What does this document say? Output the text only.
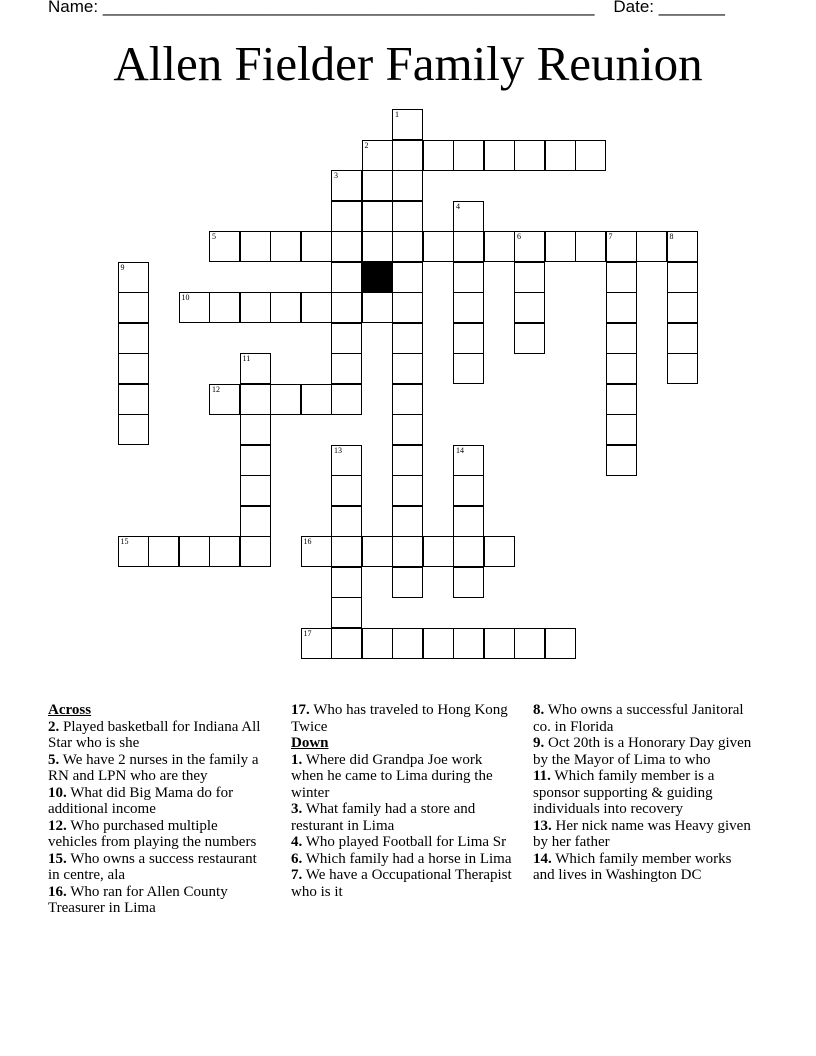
Name: ____________________________________________________ Date: _______
Allen Fielder Family Reunion
1
2
3
4
5	6	7	8
9
10
11
12
13	14
15	16
17
Across
2. Played basketball for Indiana All Star who is she
5. We have 2 nurses in the family a RN and LPN who are they
10. What did Big Mama do for additional income
12. Who purchased multiple vehicles from playing the numbers
15. Who owns a success restaurant in centre, ala
16. Who ran for Allen County Treasurer in Lima
17. Who has traveled to Hong Kong Twice
Down
1. Where did Grandpa Joe work when he came to Lima during the winter
3. What family had a store and resturant in Lima
4. Who played Football for Lima Sr
6. Which family had a horse in Lima
7. We have a Occupational Therapist who is it
8. Who owns a successful Janitoral co. in Florida
9. Oct 20th is a Honorary Day given by the Mayor of Lima to who
11. Which family member is a sponsor supporting & guiding individuals into recovery
13. Her nick name was Heavy given by her father
14. Which family member works and lives in Washington DC
